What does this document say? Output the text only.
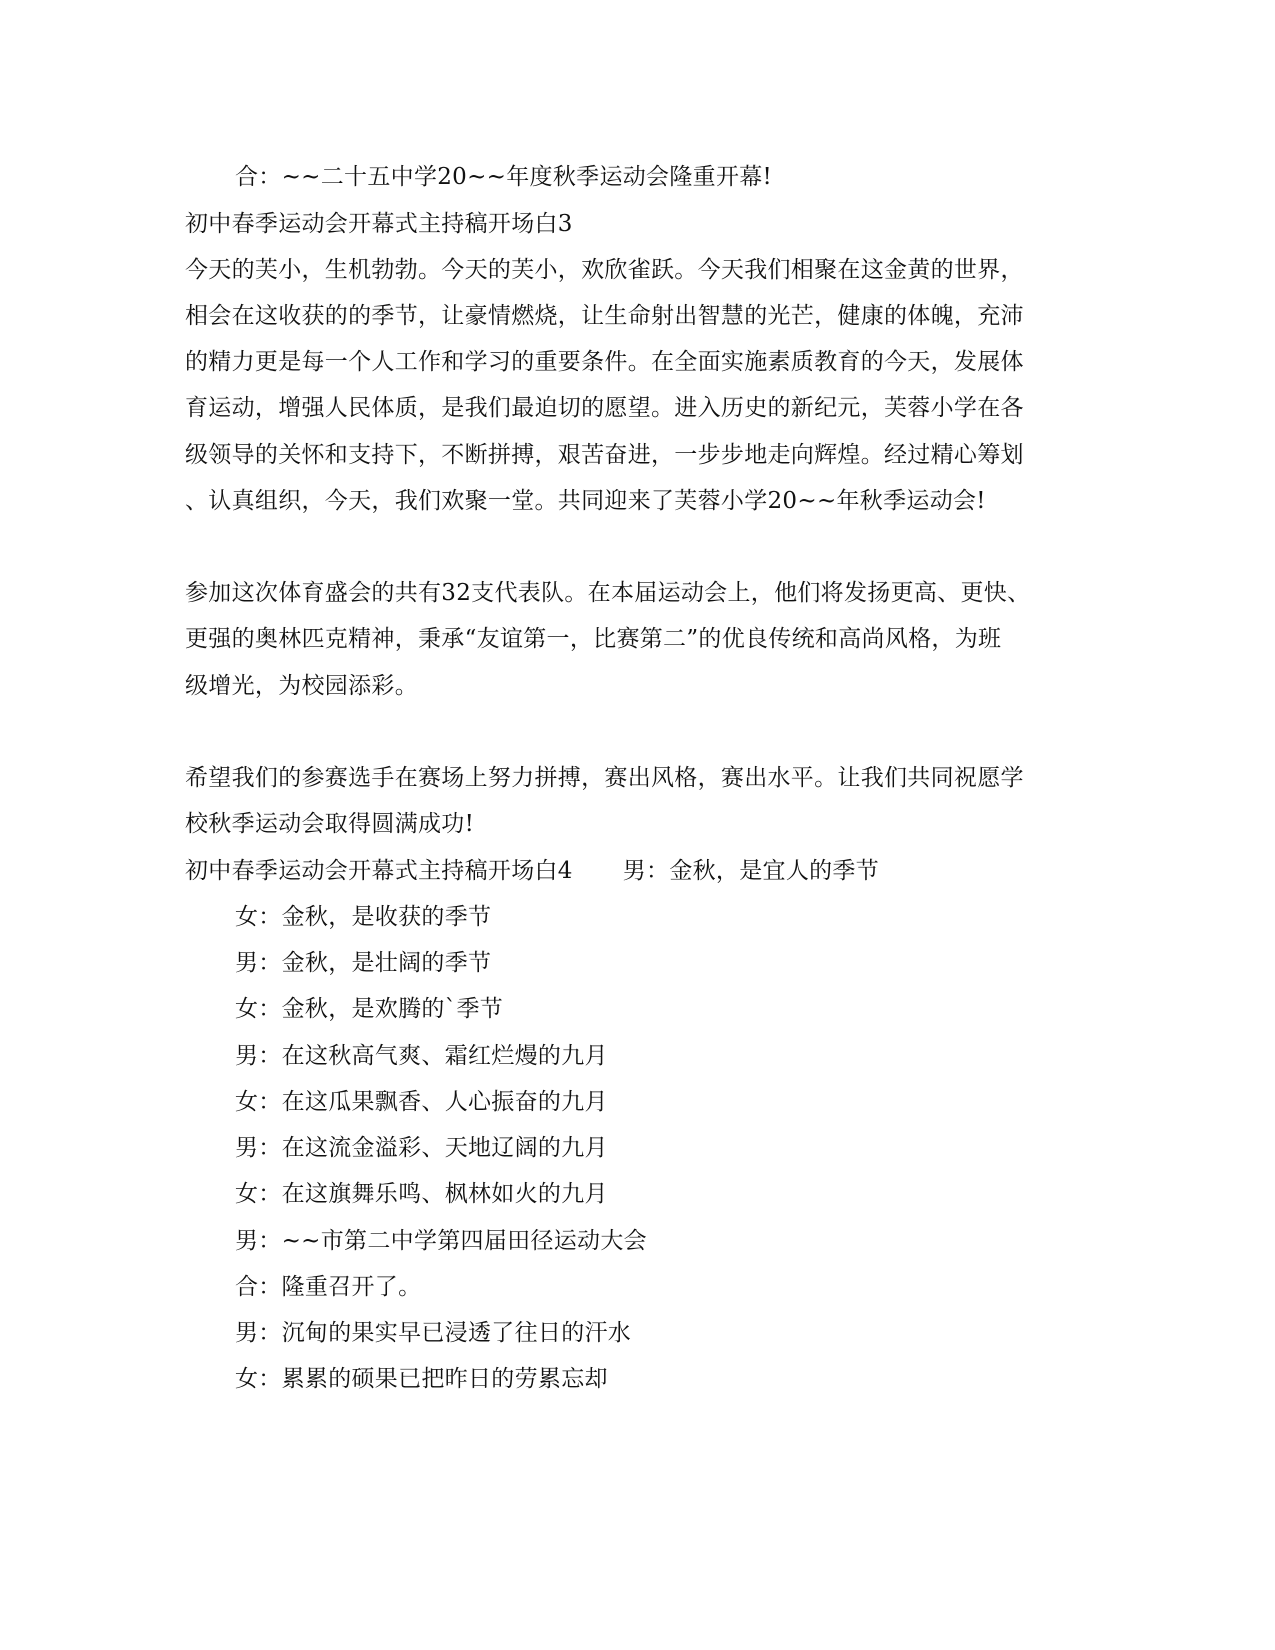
合：~~二十五中学20~~年度秋季运动会隆重开幕!
初中春季运动会开幕式主持稿开场白3
今天的芙小，生机勃勃。今天的芙小，欢欣雀跃。今天我们相聚在这金黄的世界，
相会在这收获的的季节，让豪情燃烧，让生命射出智慧的光芒，健康的体魄，充沛
的精力更是每一个人工作和学习的重要条件。在全面实施素质教育的今天，发展体
育运动，增强人民体质，是我们最迫切的愿望。进入历史的新纪元，芙蓉小学在各
级领导的关怀和支持下，不断拼搏，艰苦奋进，一步步地走向辉煌。经过精心筹划
、认真组织，今天，我们欢聚一堂。共同迎来了芙蓉小学20~~年秋季运动会!
参加这次体育盛会的共有32支代表队。在本届运动会上，他们将发扬更高、更快、
更强的奥林匹克精神，秉承“友谊第一，比赛第二”的优良传统和高尚风格，为班
级增光，为校园添彩。
希望我们的参赛选手在赛场上努力拼搏，赛出风格，赛出水平。让我们共同祝愿学
校秋季运动会取得圆满成功!
初中春季运动会开幕式主持稿开场白4 男：金秋，是宜人的季节
女：金秋，是收获的季节
男：金秋，是壮阔的季节
女：金秋，是欢腾的`季节
男：在这秋高气爽、霜红烂熳的九月
女：在这瓜果飘香、人心振奋的九月
男：在这流金溢彩、天地辽阔的九月
女：在这旗舞乐鸣、枫林如火的九月
男：~~市第二中学第四届田径运动大会
合：隆重召开了。
男：沉甸的果实早已浸透了往日的汗水
女：累累的硕果已把昨日的劳累忘却
